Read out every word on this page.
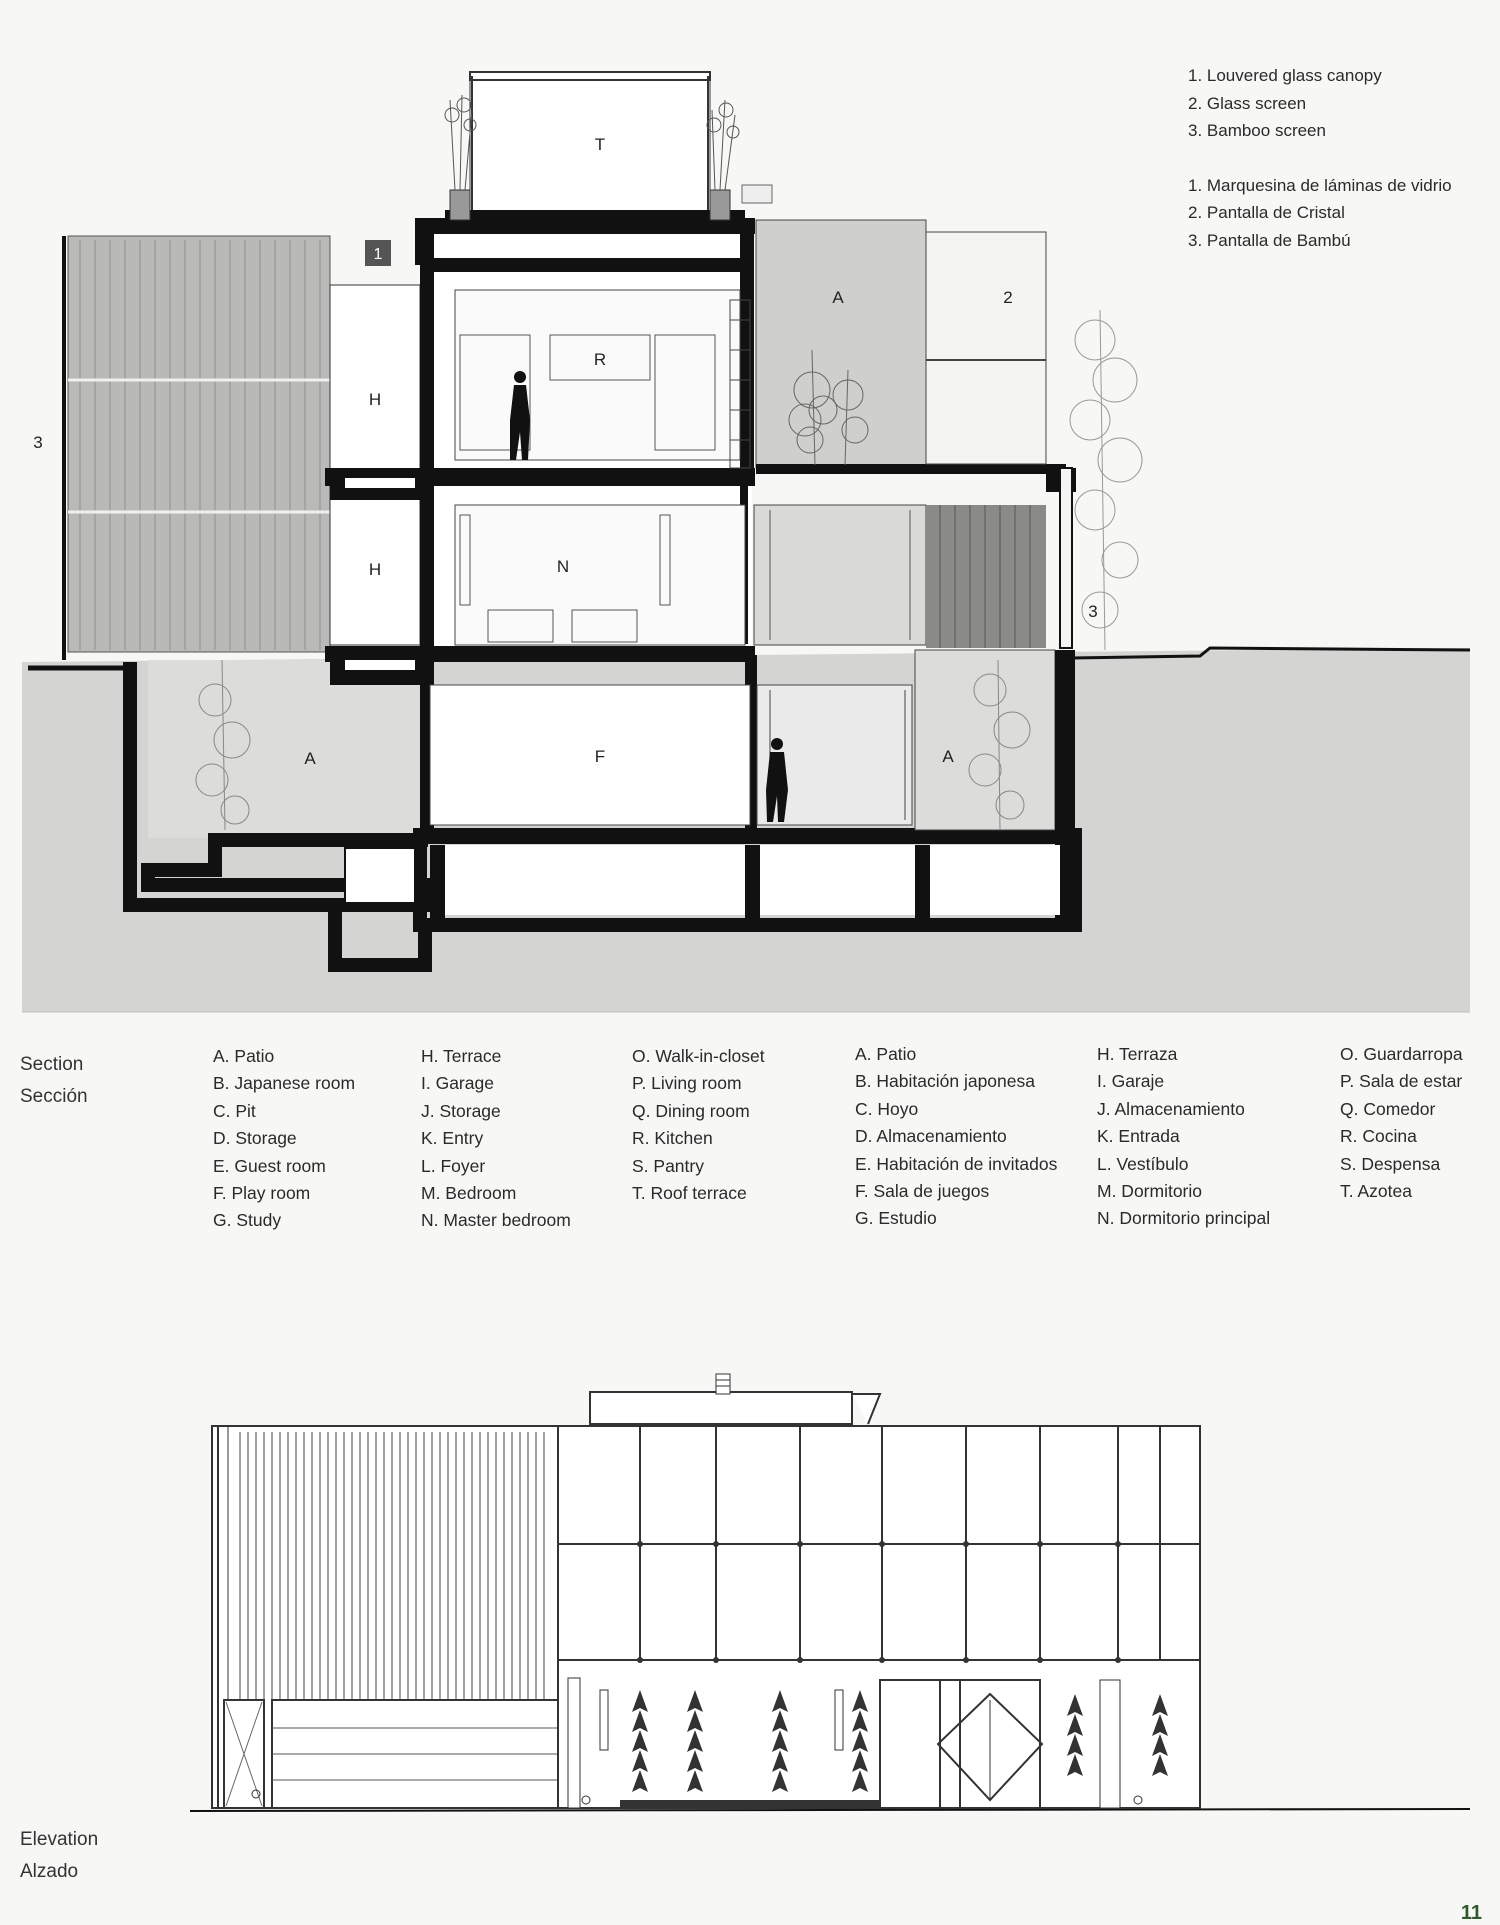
1. Louvered glass canopy
2. Glass screen
3. Bamboo screen
1. Marquesina de láminas de vidrio
2. Pantalla de Cristal
3. Pantalla de Bambú
T
R
H
H	N
A
A	A
F
2
3
3
1
Section
Sección
A. Patio
B. Japanese room
C. Pit
D. Storage
E. Guest room
F. Play room
G. Study
H. Terrace
I. Garage
J. Storage
K. Entry
L. Foyer
M. Bedroom
N. Master bedroom
O. Walk-in-closet
P. Living room
Q. Dining room
R. Kitchen
S. Pantry
T. Roof terrace
A. Patio
B. Habitación japonesa
C. Hoyo
D. Almacenamiento
E. Habitación de invitados
F. Sala de juegos
G. Estudio
H. Terraza
I. Garaje
J. Almacenamiento
K. Entrada
L. Vestíbulo
M. Dormitorio
N. Dormitorio principal
O. Guardarropa
P. Sala de estar
Q. Comedor
R. Cocina
S. Despensa
T. Azotea
Elevation
Alzado
11
